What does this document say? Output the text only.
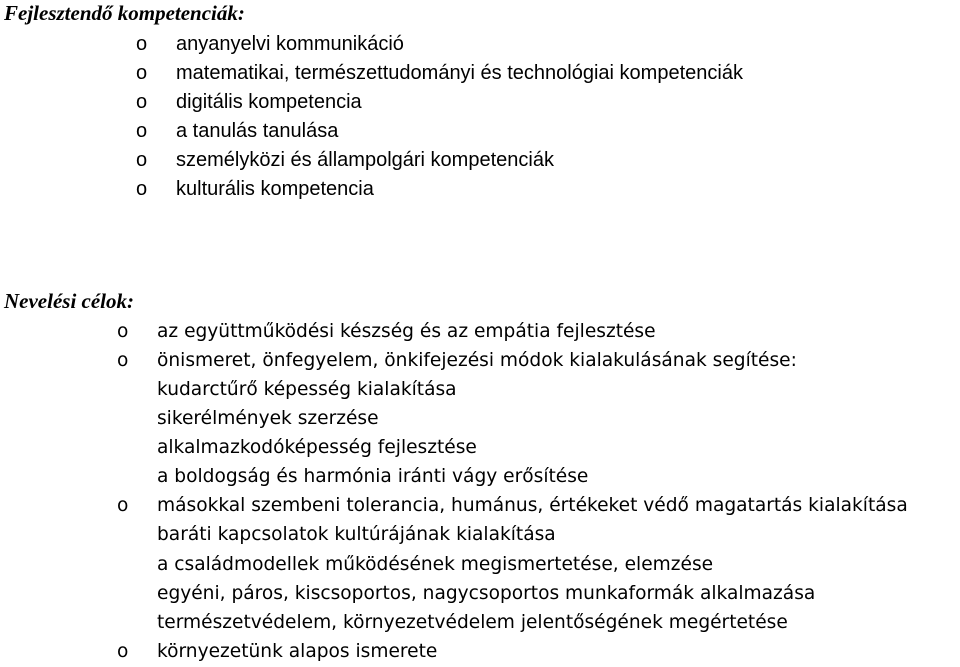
Fejlesztendő kompetenciák:
o anyanyelvi kommunikáció
o matematikai, természettudományi és technológiai kompetenciák
o digitális kompetencia
o a tanulás tanulása
o személyközi és állampolgári kompetenciák
o kulturális kompetencia
Nevelési célok:
o az együttműködési készség és az empátia fejlesztése
o önismeret, önfegyelem, önkifejezési módok kialakulásának segítése:
kudarctűrő képesség kialakítása
sikerélmények szerzése
alkalmazkodóképesség fejlesztése
a boldogság és harmónia iránti vágy erősítése
o másokkal szembeni tolerancia, humánus, értékeket védő magatartás kialakítása
baráti kapcsolatok kultúrájának kialakítása
a családmodellek működésének megismertetése, elemzése
egyéni, páros, kiscsoportos, nagycsoportos munkaformák alkalmazása
természetvédelem, környezetvédelem jelentőségének megértetése
o környezetünk alapos ismerete
